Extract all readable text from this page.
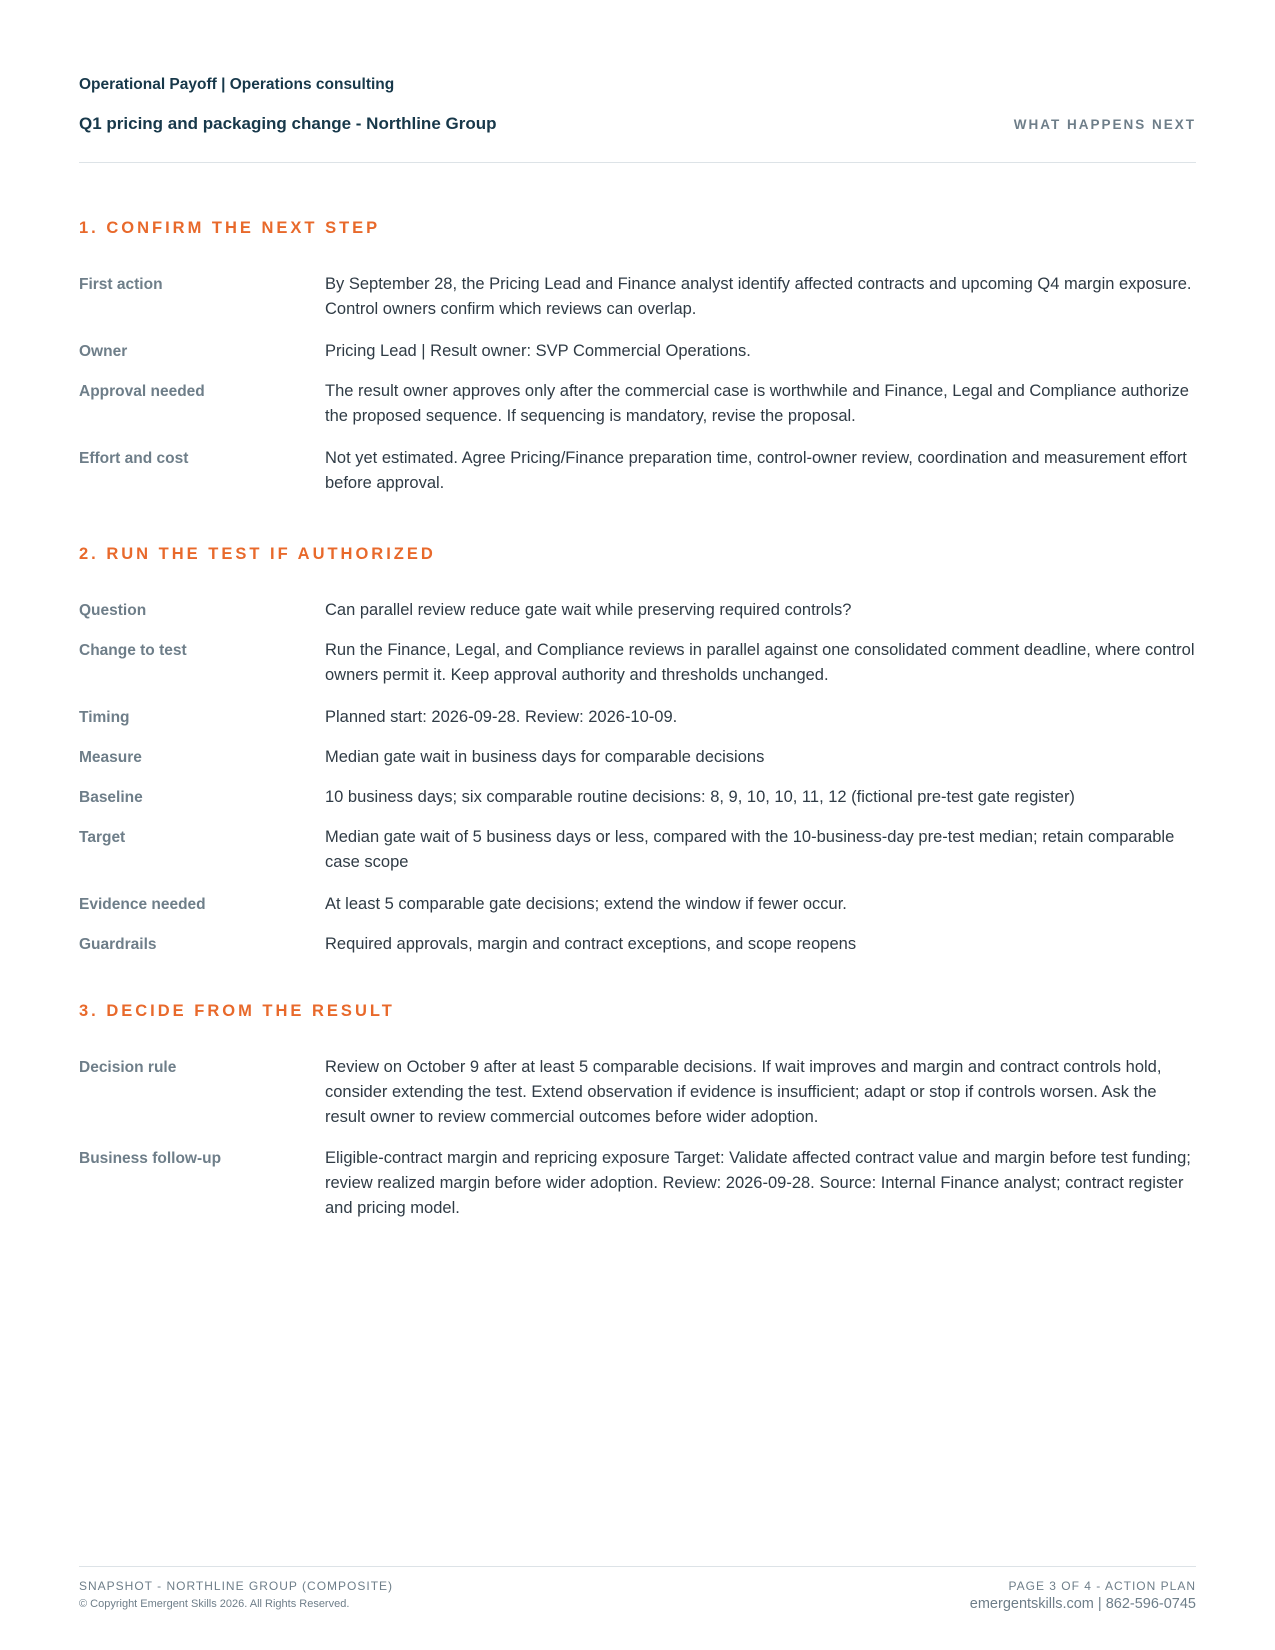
Operational Payoff | Operations consulting
Q1 pricing and packaging change - Northline Group	WHAT HAPPENS NEXT
1. CONFIRM THE NEXT STEP
First action	By September 28, the Pricing Lead and Finance analyst identify affected contracts and upcoming Q4 margin exposure. Control owners confirm which reviews can overlap.
Owner	Pricing Lead | Result owner: SVP Commercial Operations.
Approval needed	The result owner approves only after the commercial case is worthwhile and Finance, Legal and Compliance authorize the proposed sequence. If sequencing is mandatory, revise the proposal.
Effort and cost	Not yet estimated. Agree Pricing/Finance preparation time, control-owner review, coordination and measurement effort before approval.
2. RUN THE TEST IF AUTHORIZED
Question	Can parallel review reduce gate wait while preserving required controls?
Change to test	Run the Finance, Legal, and Compliance reviews in parallel against one consolidated comment deadline, where control owners permit it. Keep approval authority and thresholds unchanged.
Timing	Planned start: 2026-09-28. Review: 2026-10-09.
Measure	Median gate wait in business days for comparable decisions
Baseline	10 business days; six comparable routine decisions: 8, 9, 10, 10, 11, 12 (fictional pre-test gate register)
Target	Median gate wait of 5 business days or less, compared with the 10-business-day pre-test median; retain comparable case scope
Evidence needed	At least 5 comparable gate decisions; extend the window if fewer occur.
Guardrails	Required approvals, margin and contract exceptions, and scope reopens
3. DECIDE FROM THE RESULT
Decision rule	Review on October 9 after at least 5 comparable decisions. If wait improves and margin and contract controls hold, consider extending the test. Extend observation if evidence is insufficient; adapt or stop if controls worsen. Ask the result owner to review commercial outcomes before wider adoption.
Business follow-up	Eligible-contract margin and repricing exposure Target: Validate affected contract value and margin before test funding; review realized margin before wider adoption. Review: 2026-09-28. Source: Internal Finance analyst; contract register and pricing model.
SNAPSHOT - NORTHLINE GROUP (COMPOSITE)
© Copyright Emergent Skills 2026. All Rights Reserved.
PAGE 3 OF 4 - ACTION PLAN
emergentskills.com | 862-596-0745
